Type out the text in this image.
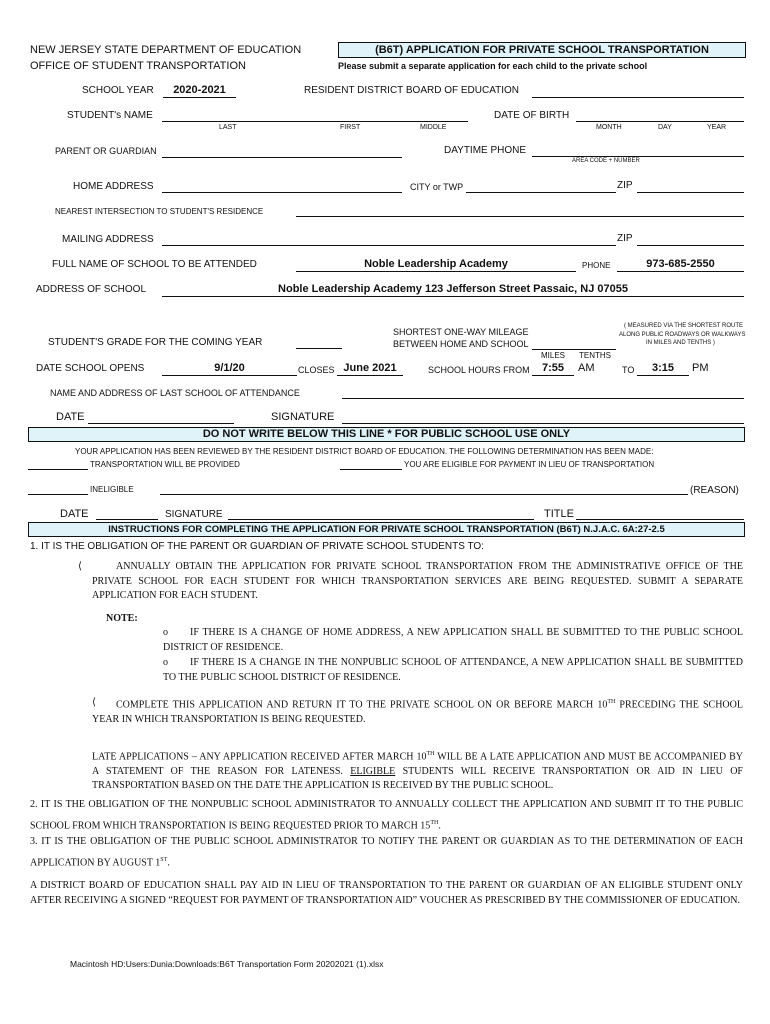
NEW JERSEY STATE DEPARTMENT OF EDUCATION
OFFICE OF STUDENT TRANSPORTATION
(B6T) APPLICATION FOR PRIVATE SCHOOL TRANSPORTATION
Please submit a separate application for each child to the private school
SCHOOL YEAR	2020-2021	RESIDENT DISTRICT BOARD OF EDUCATION
STUDENT's NAME
LAST	FIRST	MIDDLE
DATE OF BIRTH
MONTH	DAY	YEAR
PARENT OR GUARDIAN	DAYTIME PHONE
AREA CODE + NUMBER
HOME ADDRESS	CITY or TWP	ZIP
NEAREST INTERSECTION TO STUDENT'S RESIDENCE
MAILING ADDRESS	ZIP
FULL NAME OF SCHOOL TO BE ATTENDED	Noble Leadership Academy	PHONE	973-685-2550
ADDRESS OF SCHOOL	Noble Leadership Academy 123 Jefferson Street Passaic, NJ 07055
SHORTEST ONE-WAY MILEAGE
BETWEEN HOME AND SCHOOL
( MEASURED VIA THE SHORTEST ROUTE
ALONG PUBLIC ROADWAYS OR WALKWAYS
IN MILES AND TENTHS )
STUDENT'S GRADE FOR THE COMING YEAR
MILES TENTHS
DATE SCHOOL OPENS	9/1/20	CLOSES June 2021	SCHOOL HOURS FROM	7:55	AM	TO	3:15	PM
NAME AND ADDRESS OF LAST SCHOOL OF ATTENDANCE
DATE	SIGNATURE
DO NOT WRITE BELOW THIS LINE * FOR PUBLIC SCHOOL USE ONLY
YOUR APPLICATION HAS BEEN REVIEWED BY THE RESIDENT DISTRICT BOARD OF EDUCATION. THE FOLLOWING DETERMINATION HAS BEEN MADE:
TRANSPORTATION WILL BE PROVIDED	YOU ARE ELIGIBLE FOR PAYMENT IN LIEU OF TRANSPORTATION
INELIGIBLE	(REASON)
DATE	SIGNATURE	TITLE
INSTRUCTIONS FOR COMPLETING THE APPLICATION FOR PRIVATE SCHOOL TRANSPORTATION (B6T) N.J.A.C. 6A:27-2.5
1. IT IS THE OBLIGATION OF THE PARENT OR GUARDIAN OF PRIVATE SCHOOL STUDENTS TO:
⟨	ANNUALLY OBTAIN THE APPLICATION FOR PRIVATE SCHOOL TRANSPORTATION FROM THE ADMINISTRATIVE OFFICE OF THE PRIVATE SCHOOL FOR EACH STUDENT FOR WHICH TRANSPORTATION SERVICES ARE BEING REQUESTED. SUBMIT A SEPARATE APPLICATION FOR EACH STUDENT.
NOTE:
o	IF THERE IS A CHANGE OF HOME ADDRESS, A NEW APPLICATION SHALL BE SUBMITTED TO THE PUBLIC SCHOOL DISTRICT OF RESIDENCE.
o	IF THERE IS A CHANGE IN THE NONPUBLIC SCHOOL OF ATTENDANCE, A NEW APPLICATION SHALL BE SUBMITTED TO THE PUBLIC SCHOOL DISTRICT OF RESIDENCE.
⟨	COMPLETE THIS APPLICATION AND RETURN IT TO THE PRIVATE SCHOOL ON OR BEFORE MARCH 10TH PRECEDING THE SCHOOL YEAR IN WHICH TRANSPORTATION IS BEING REQUESTED.
LATE APPLICATIONS – ANY APPLICATION RECEIVED AFTER MARCH 10TH WILL BE A LATE APPLICATION AND MUST BE ACCOMPANIED BY A STATEMENT OF THE REASON FOR LATENESS. ELIGIBLE STUDENTS WILL RECEIVE TRANSPORTATION OR AID IN LIEU OF TRANSPORTATION BASED ON THE DATE THE APPLICATION IS RECEIVED BY THE PUBLIC SCHOOL.
2. IT IS THE OBLIGATION OF THE NONPUBLIC SCHOOL ADMINISTRATOR TO ANNUALLY COLLECT THE APPLICATION AND SUBMIT IT TO THE PUBLIC SCHOOL FROM WHICH TRANSPORTATION IS BEING REQUESTED PRIOR TO MARCH 15TH.
3. IT IS THE OBLIGATION OF THE PUBLIC SCHOOL ADMINISTRATOR TO NOTIFY THE PARENT OR GUARDIAN AS TO THE DETERMINATION OF EACH APPLICATION BY AUGUST 1ST.
A DISTRICT BOARD OF EDUCATION SHALL PAY AID IN LIEU OF TRANSPORTATION TO THE PARENT OR GUARDIAN OF AN ELIGIBLE STUDENT ONLY AFTER RECEIVING A SIGNED “REQUEST FOR PAYMENT OF TRANSPORTATION AID” VOUCHER AS PRESCRIBED BY THE COMMISSIONER OF EDUCATION.
Macintosh HD:Users:Dunia:Downloads:B6T Transportation Form 20202021 (1).xlsx
